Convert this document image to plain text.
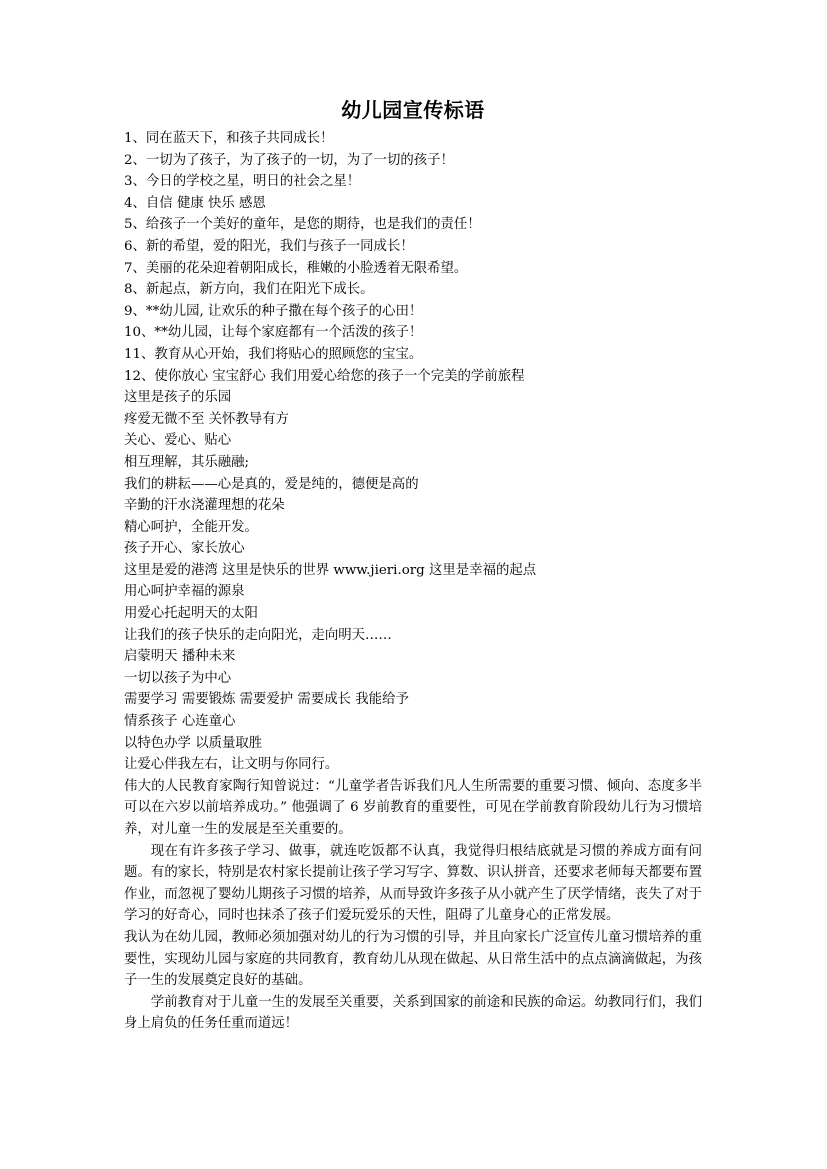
幼儿园宣传标语
1、同在蓝天下，和孩子共同成长！
2、一切为了孩子，为了孩子的一切，为了一切的孩子！
3、今日的学校之星，明日的社会之星！
4、自信 健康 快乐 感恩
5、给孩子一个美好的童年，是您的期待，也是我们的责任！
6、新的希望，爱的阳光，我们与孩子一同成长！
7、美丽的花朵迎着朝阳成长，稚嫩的小脸透着无限希望。
8、新起点，新方向，我们在阳光下成长。
9、**幼儿园, 让欢乐的种子撒在每个孩子的心田！
10、**幼儿园，让每个家庭都有一个活泼的孩子！
11、教育从心开始，我们将贴心的照顾您的宝宝。
12、使你放心 宝宝舒心 我们用爱心给您的孩子一个完美的学前旅程
这里是孩子的乐园
疼爱无微不至 关怀教导有方
关心、爱心、贴心
相互理解，其乐融融;
我们的耕耘——心是真的，爱是纯的，德便是高的
辛勤的汗水浇灌理想的花朵
精心呵护，全能开发。
孩子开心、家长放心
这里是爱的港湾 这里是快乐的世界 www.jieri.org 这里是幸福的起点
用心呵护幸福的源泉
用爱心托起明天的太阳
让我们的孩子快乐的走向阳光，走向明天……
启蒙明天 播种未来
一切以孩子为中心
需要学习 需要锻炼 需要爱护 需要成长 我能给予
情系孩子 心连童心
以特色办学 以质量取胜
让爱心伴我左右，让文明与你同行。

伟大的人民教育家陶行知曾说过：“儿童学者告诉我们凡人生所需要的重要习惯、倾向、态度多半可以在六岁以前培养成功。” 他强调了 6 岁前教育的重要性，可见在学前教育阶段幼儿行为习惯培养，对儿童一生的发展是至关重要的。

现在有许多孩子学习、做事，就连吃饭都不认真，我觉得归根结底就是习惯的养成方面有问题。有的家长，特别是农村家长提前让孩子学习写字、算数、识认拼音，还要求老师每天都要布置作业，而忽视了婴幼儿期孩子习惯的培养，从而导致许多孩子从小就产生了厌学情绪，丧失了对于学习的好奇心，同时也抹杀了孩子们爱玩爱乐的天性，阻碍了儿童身心的正常发展。

我认为在幼儿园，教师必须加强对幼儿的行为习惯的引导，并且向家长广泛宣传儿童习惯培养的重要性，实现幼儿园与家庭的共同教育，教育幼儿从现在做起、从日常生活中的点点滴滴做起，为孩子一生的发展奠定良好的基础。

学前教育对于儿童一生的发展至关重要，关系到国家的前途和民族的命运。幼教同行们，我们身上肩负的任务任重而道远！
